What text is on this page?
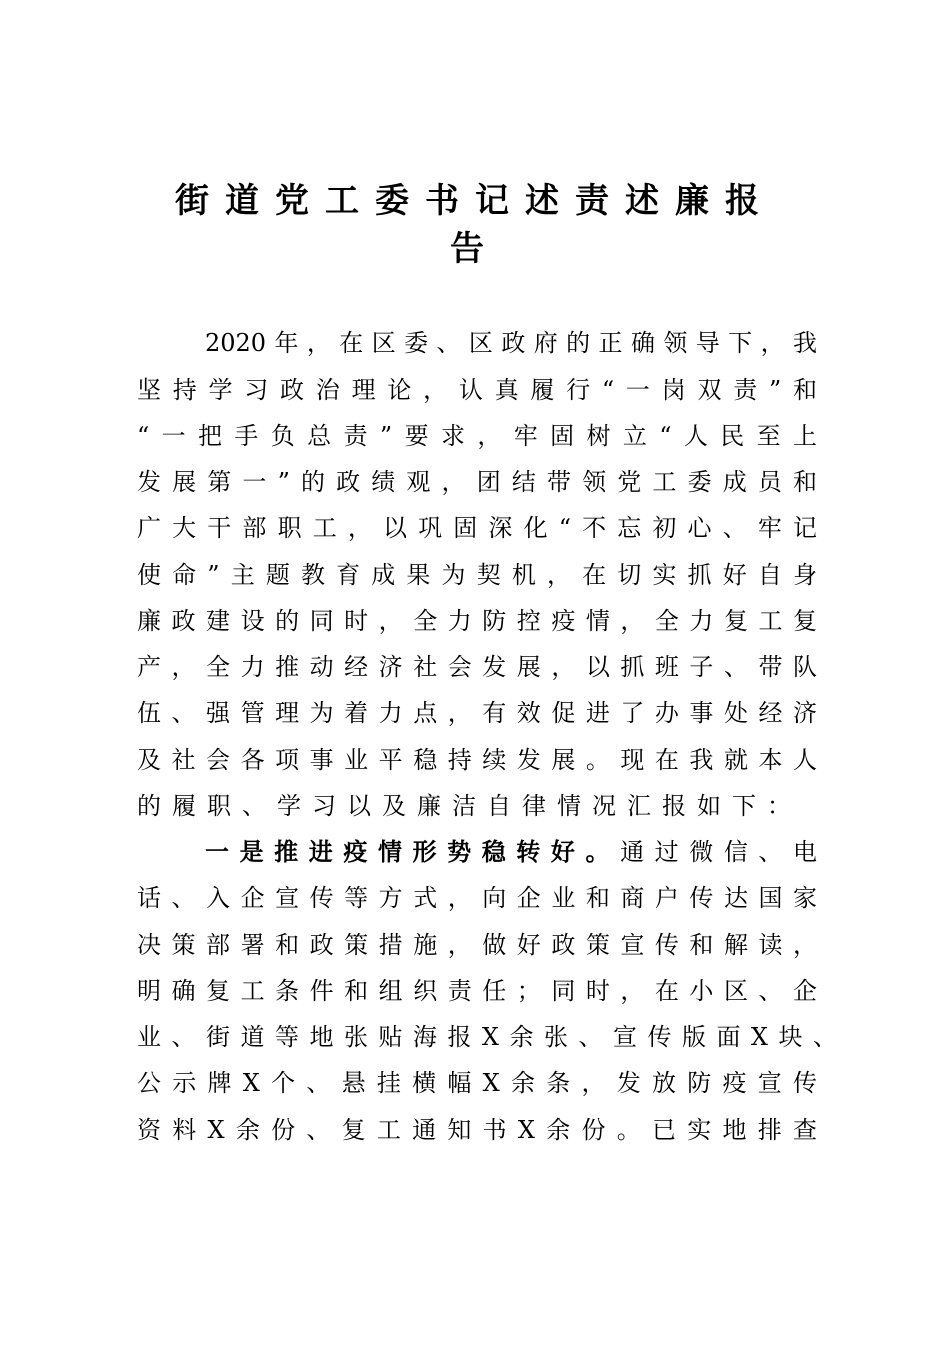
街道党工委书记述责述廉报
告
2020年，在区委、区政府的正确领导下，我
坚持学习政治理论，认真履行“一岗双责”和
“一把手负总责”要求，牢固树立“人民至上
发展第一”的政绩观，团结带领党工委成员和
广大干部职工，以巩固深化“不忘初心、牢记
使命”主题教育成果为契机，在切实抓好自身
廉政建设的同时，全力防控疫情，全力复工复
产，全力推动经济社会发展，以抓班子、带队
伍、强管理为着力点，有效促进了办事处经济
及社会各项事业平稳持续发展。现在我就本人
的履职、学习以及廉洁自律情况汇报如下：
一是推进疫情形势稳转好。通过微信、电
话、入企宣传等方式，向企业和商户传达国家
决策部署和政策措施，做好政策宣传和解读，
明确复工条件和组织责任；同时，在小区、企
业、街道等地张贴海报X余张、宣传版面X块、
公示牌X个、悬挂横幅X余条，发放防疫宣传
资料X余份、复工通知书X余份。已实地排查
